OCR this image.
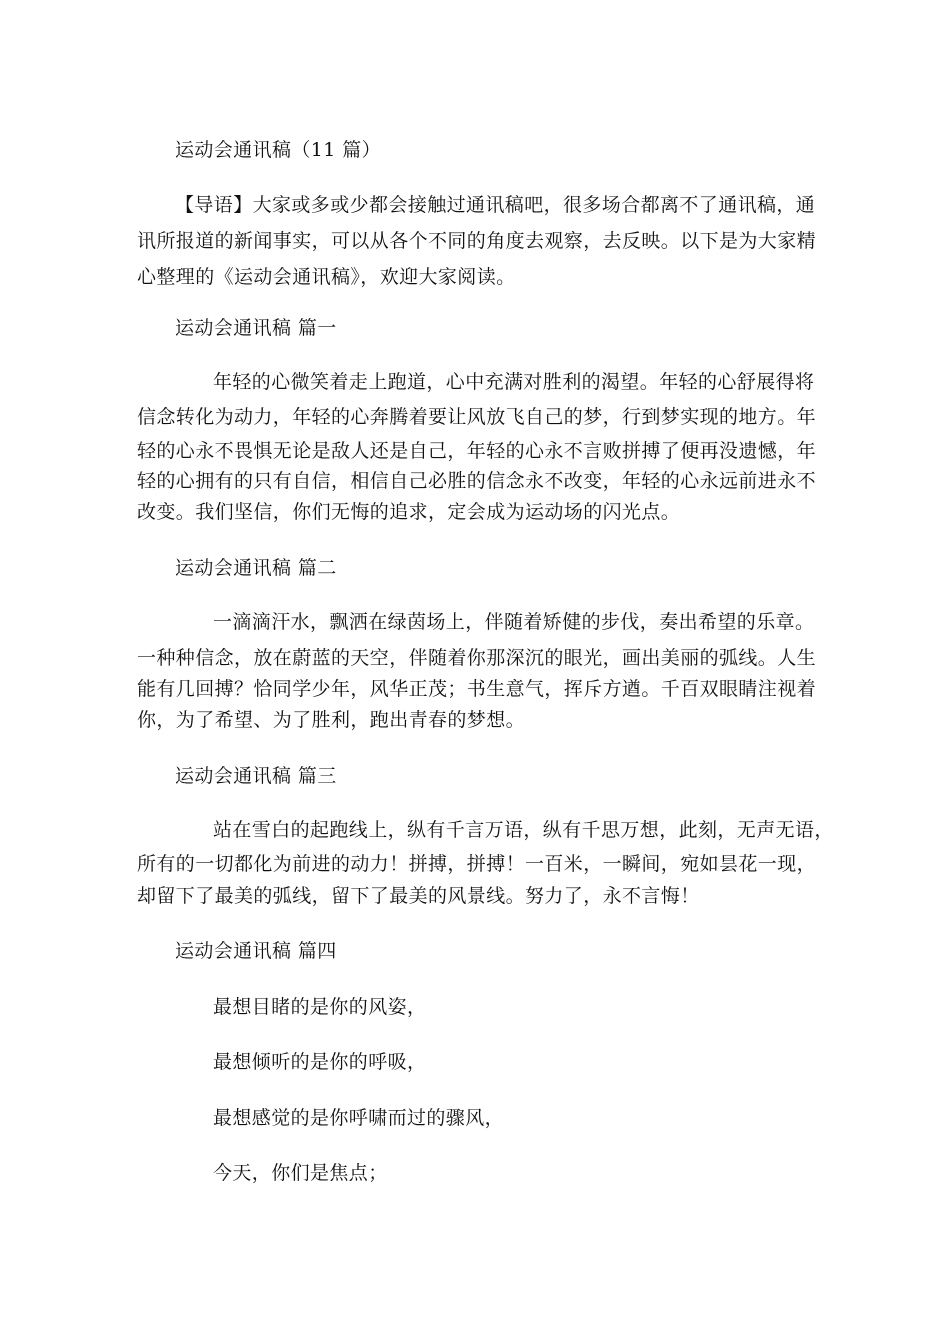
运动会通讯稿（11 篇）
【导语】大家或多或少都会接触过通讯稿吧，很多场合都离不了通讯稿，通
讯所报道的新闻事实，可以从各个不同的角度去观察，去反映。以下是为大家精
心整理的《运动会通讯稿》，欢迎大家阅读。
运动会通讯稿 篇一
年轻的心微笑着走上跑道，心中充满对胜利的渴望。年轻的心舒展得将
信念转化为动力，年轻的心奔腾着要让风放飞自己的梦，行到梦实现的地方。年
轻的心永不畏惧无论是敌人还是自己，年轻的心永不言败拼搏了便再没遗憾，年
轻的心拥有的只有自信，相信自己必胜的信念永不改变，年轻的心永远前进永不
改变。我们坚信，你们无悔的追求，定会成为运动场的闪光点。
运动会通讯稿 篇二
一滴滴汗水，飘洒在绿茵场上，伴随着矫健的步伐，奏出希望的乐章。
一种种信念，放在蔚蓝的天空，伴随着你那深沉的眼光，画出美丽的弧线。人生
能有几回搏？恰同学少年，风华正茂；书生意气，挥斥方遒。千百双眼睛注视着
你，为了希望、为了胜利，跑出青春的梦想。
运动会通讯稿 篇三
站在雪白的起跑线上，纵有千言万语，纵有千思万想，此刻，无声无语，
所有的一切都化为前进的动力！拼搏，拼搏！一百米，一瞬间，宛如昙花一现，
却留下了最美的弧线，留下了最美的风景线。努力了，永不言悔！
运动会通讯稿 篇四
最想目睹的是你的风姿，
最想倾听的是你的呼吸，
最想感觉的是你呼啸而过的骤风，
今天，你们是焦点；
